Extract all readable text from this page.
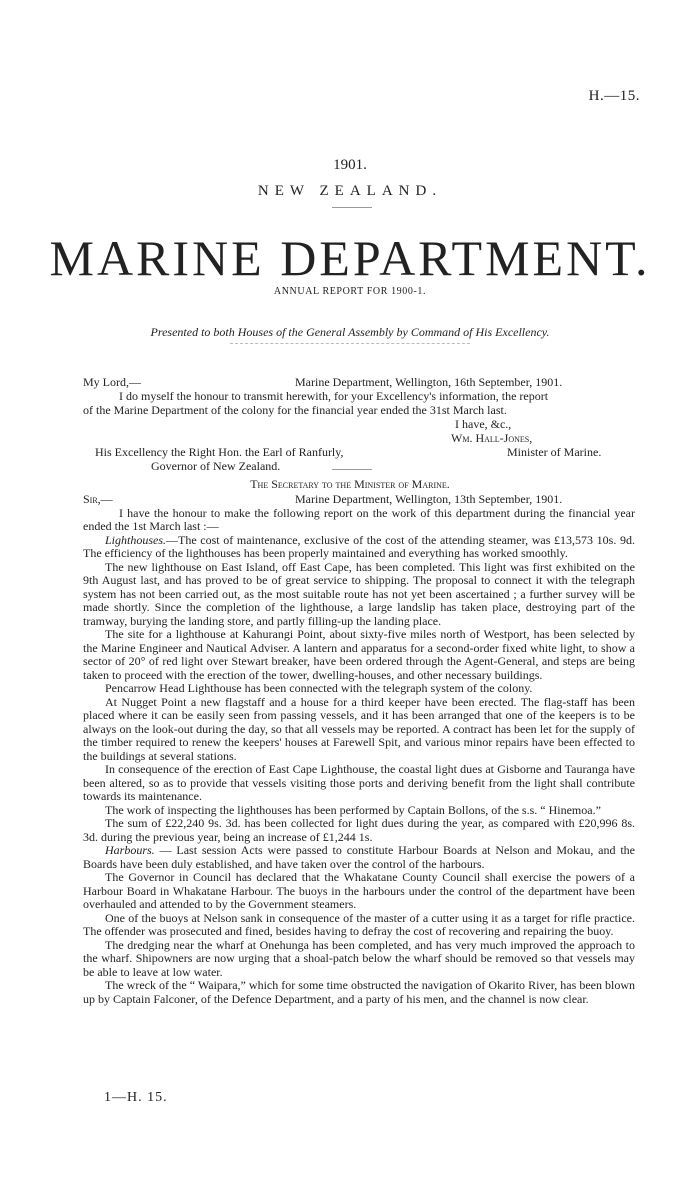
H.—15.
1901.
NEW ZEALAND.
MARINE DEPARTMENT.
ANNUAL REPORT FOR 1900-1.
Presented to both Houses of the General Assembly by Command of His Excellency.
My Lord,—	Marine Department, Wellington, 16th September, 1901.
I do myself the honour to transmit herewith, for your Excellency's information, the report
of the Marine Department of the colony for the financial year ended the 31st March last.
I have, &c.,
Wm. Hall-Jones,
His Excellency the Right Hon. the Earl of Ranfurly,	Minister of Marine.
Governor of New Zealand.
The Secretary to the Minister of Marine.
Sir,—	Marine Department, Wellington, 13th September, 1901.

I have the honour to make the following report on the work of this department during the financial year ended the 1st March last :—

Lighthouses.—The cost of maintenance, exclusive of the cost of the attending steamer, was £13,573 10s. 9d. The efficiency of the lighthouses has been properly maintained and everything has worked smoothly.

The new lighthouse on East Island, off East Cape, has been completed. This light was first exhibited on the 9th August last, and has proved to be of great service to shipping. The proposal to connect it with the telegraph system has not been carried out, as the most suitable route has not yet been ascertained ; a further survey will be made shortly. Since the completion of the lighthouse, a large landslip has taken place, destroying part of the tramway, burying the landing store, and partly filling-up the landing place.

The site for a lighthouse at Kahurangi Point, about sixty-five miles north of Westport, has been selected by the Marine Engineer and Nautical Adviser. A lantern and apparatus for a second-order fixed white light, to show a sector of 20° of red light over Stewart breaker, have been ordered through the Agent-General, and steps are being taken to proceed with the erection of the tower, dwelling-houses, and other necessary buildings.

Pencarrow Head Lighthouse has been connected with the telegraph system of the colony.

At Nugget Point a new flagstaff and a house for a third keeper have been erected. The flag-staff has been placed where it can be easily seen from passing vessels, and it has been arranged that one of the keepers is to be always on the look-out during the day, so that all vessels may be reported. A contract has been let for the supply of the timber required to renew the keepers' houses at Farewell Spit, and various minor repairs have been effected to the buildings at several stations.

In consequence of the erection of East Cape Lighthouse, the coastal light dues at Gisborne and Tauranga have been altered, so as to provide that vessels visiting those ports and deriving benefit from the light shall contribute towards its maintenance.

The work of inspecting the lighthouses has been performed by Captain Bollons, of the s.s. “ Hinemoa.”

The sum of £22,240 9s. 3d. has been collected for light dues during the year, as compared with £20,996 8s. 3d. during the previous year, being an increase of £1,244 1s.

Harbours. — Last session Acts were passed to constitute Harbour Boards at Nelson and Mokau, and the Boards have been duly established, and have taken over the control of the harbours.

The Governor in Council has declared that the Whakatane County Council shall exercise the powers of a Harbour Board in Whakatane Harbour. The buoys in the harbours under the control of the department have been overhauled and attended to by the Government steamers.

One of the buoys at Nelson sank in consequence of the master of a cutter using it as a target for rifle practice. The offender was prosecuted and fined, besides having to defray the cost of recovering and repairing the buoy.

The dredging near the wharf at Onehunga has been completed, and has very much improved the approach to the wharf. Shipowners are now urging that a shoal-patch below the wharf should be removed so that vessels may be able to leave at low water.

The wreck of the “ Waipara,” which for some time obstructed the navigation of Okarito River, has been blown up by Captain Falconer, of the Defence Department, and a party of his men, and the channel is now clear.

1—H. 15.
